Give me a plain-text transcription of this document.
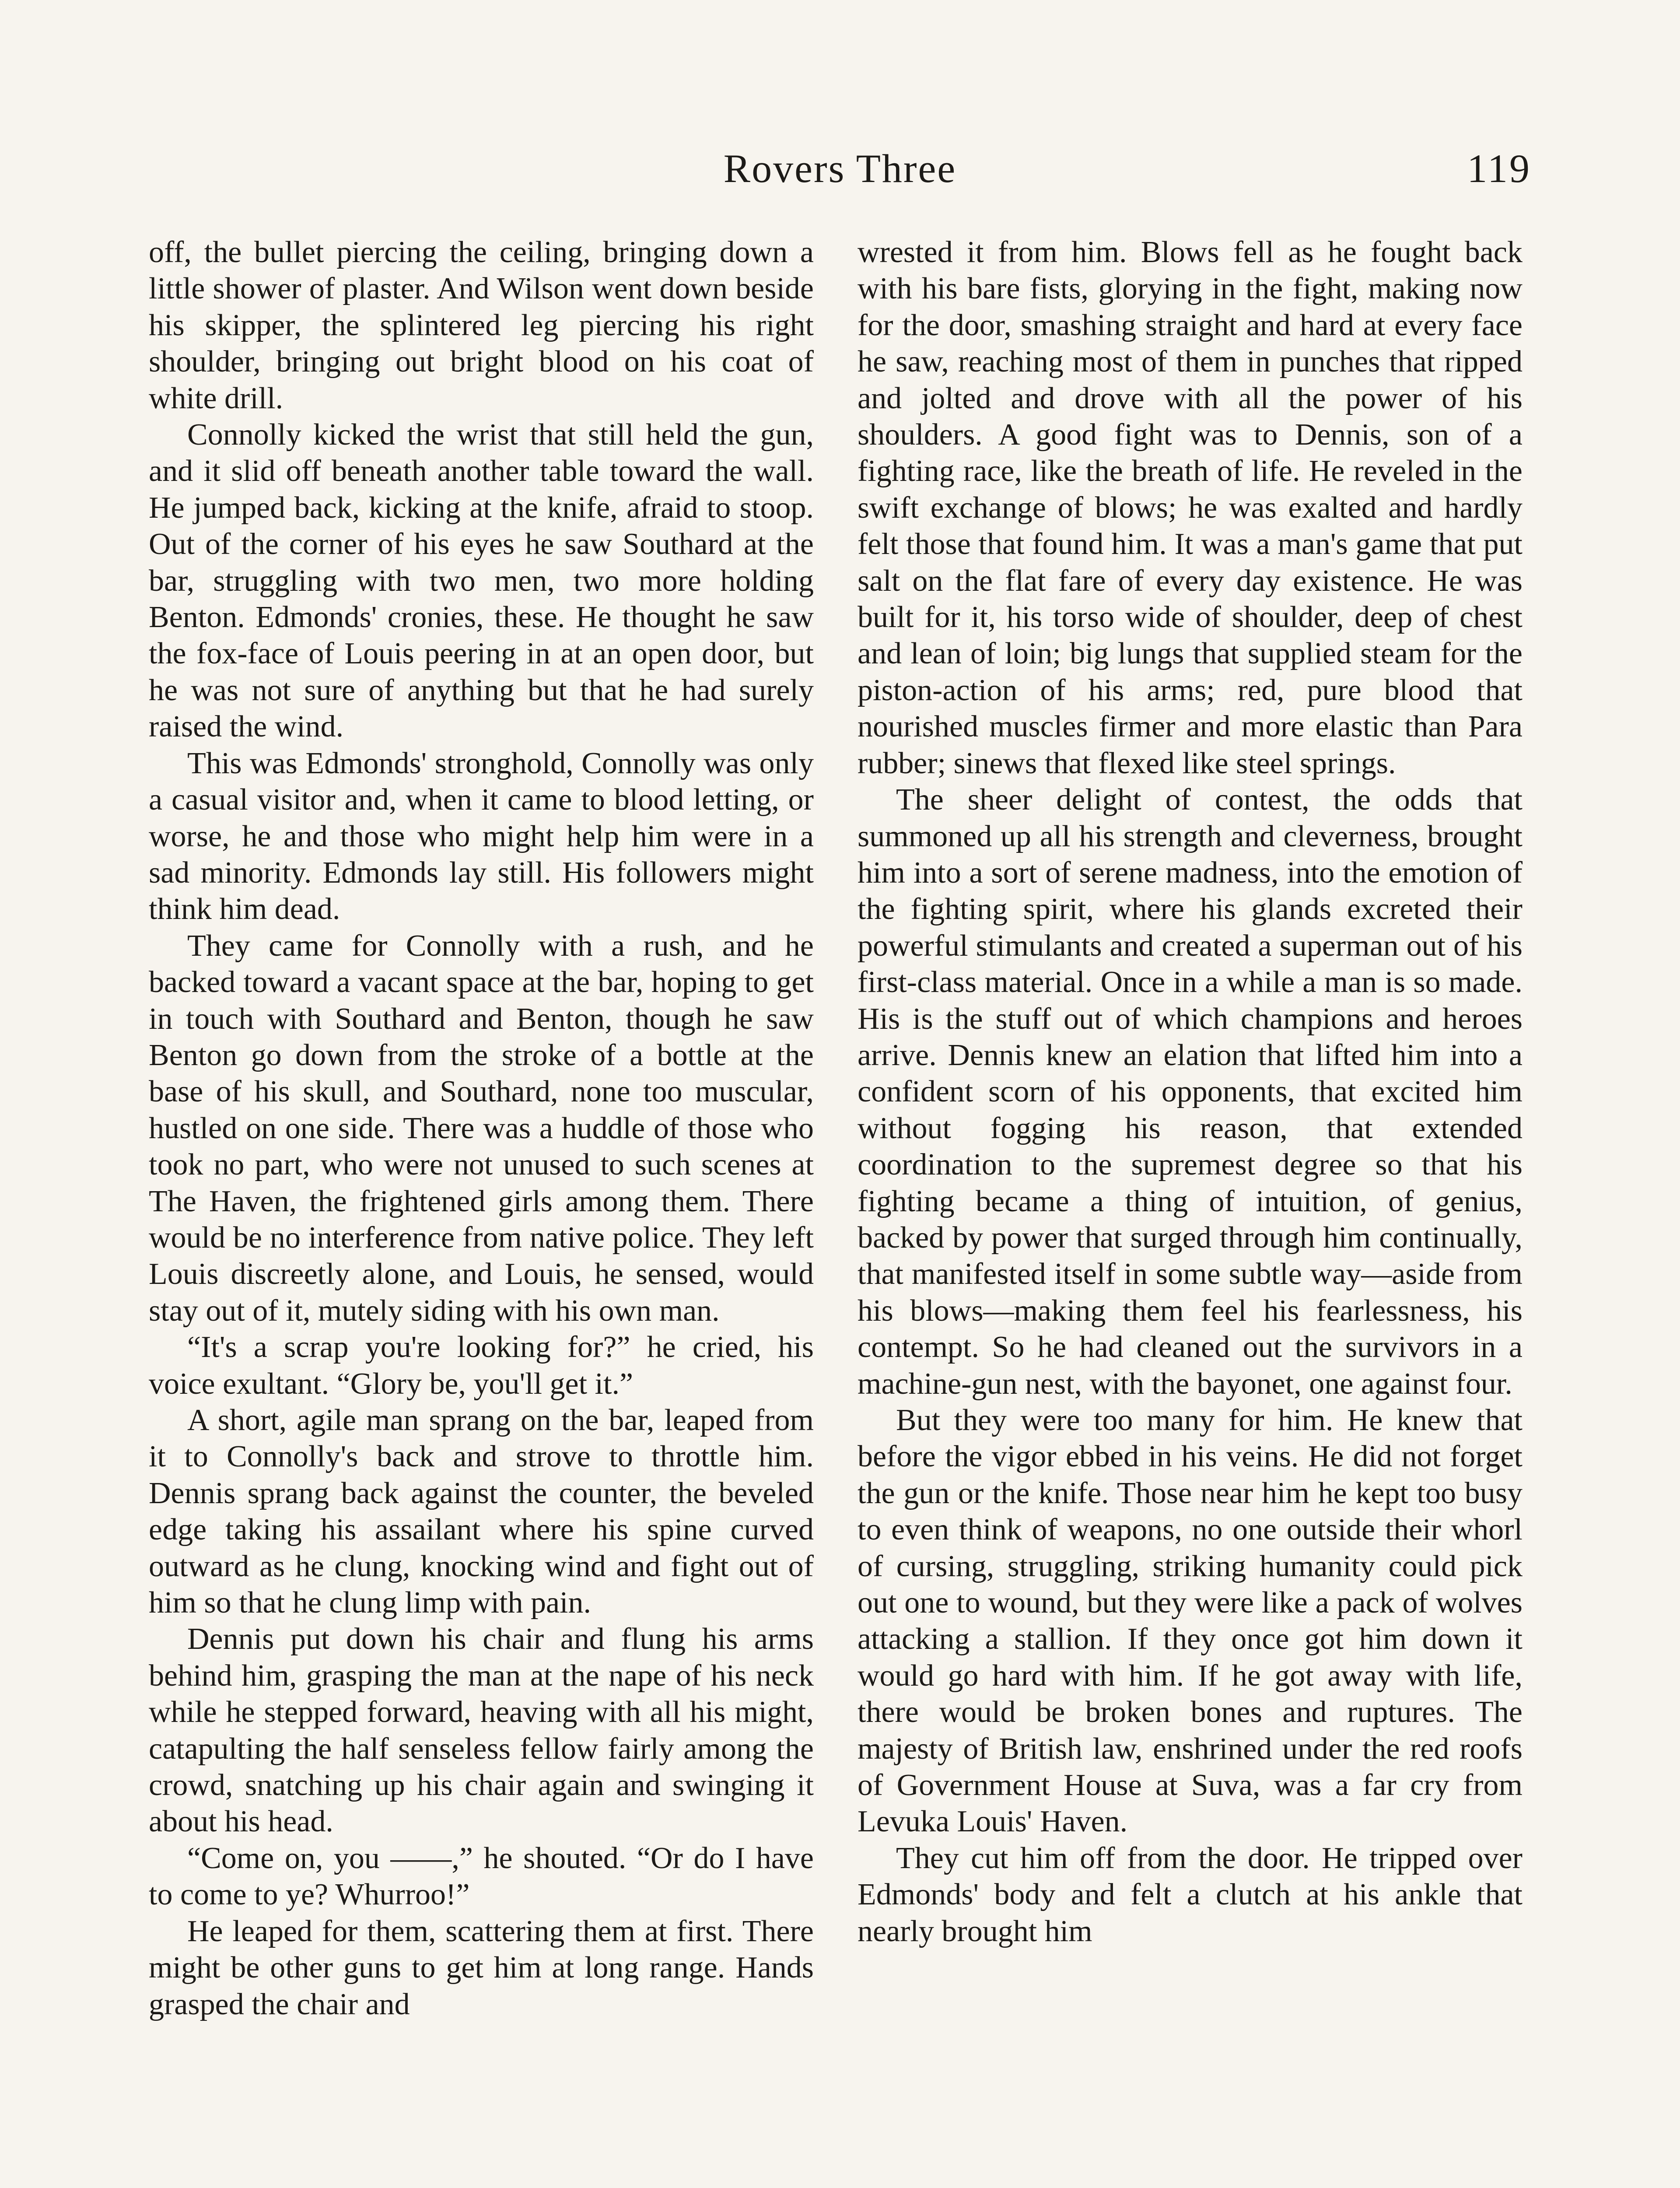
Rovers Three	119

off, the bullet piercing the ceiling, bringing down a little shower of plaster. And Wilson went down beside his skipper, the splintered leg piercing his right shoulder, bringing out bright blood on his coat of white drill.

Connolly kicked the wrist that still held the gun, and it slid off beneath another table toward the wall. He jumped back, kicking at the knife, afraid to stoop. Out of the corner of his eyes he saw Southard at the bar, struggling with two men, two more holding Benton. Edmonds' cronies, these. He thought he saw the fox-face of Louis peering in at an open door, but he was not sure of anything but that he had surely raised the wind.

This was Edmonds' stronghold, Connolly was only a casual visitor and, when it came to blood letting, or worse, he and those who might help him were in a sad minority. Edmonds lay still. His followers might think him dead.

They came for Connolly with a rush, and he backed toward a vacant space at the bar, hoping to get in touch with Southard and Benton, though he saw Benton go down from the stroke of a bottle at the base of his skull, and Southard, none too muscular, hustled on one side. There was a huddle of those who took no part, who were not unused to such scenes at The Haven, the frightened girls among them. There would be no interference from native police. They left Louis discreetly alone, and Louis, he sensed, would stay out of it, mutely siding with his own man.

“It's a scrap you're looking for?” he cried, his voice exultant. “Glory be, you'll get it.”

A short, agile man sprang on the bar, leaped from it to Connolly's back and strove to throttle him. Dennis sprang back against the counter, the beveled edge taking his assailant where his spine curved outward as he clung, knocking wind and fight out of him so that he clung limp with pain.

Dennis put down his chair and flung his arms behind him, grasping the man at the nape of his neck while he stepped forward, heaving with all his might, catapulting the half senseless fellow fairly among the crowd, snatching up his chair again and swinging it about his head.

“Come on, you ——,” he shouted. “Or do I have to come to ye? Whurroo!”

He leaped for them, scattering them at first. There might be other guns to get him at long range. Hands grasped the chair and

wrested it from him. Blows fell as he fought back with his bare fists, glorying in the fight, making now for the door, smashing straight and hard at every face he saw, reaching most of them in punches that ripped and jolted and drove with all the power of his shoulders. A good fight was to Dennis, son of a fighting race, like the breath of life. He reveled in the swift exchange of blows; he was exalted and hardly felt those that found him. It was a man's game that put salt on the flat fare of every day existence. He was built for it, his torso wide of shoulder, deep of chest and lean of loin; big lungs that supplied steam for the piston-action of his arms; red, pure blood that nourished muscles firmer and more elastic than Para rubber; sinews that flexed like steel springs.

The sheer delight of contest, the odds that summoned up all his strength and cleverness, brought him into a sort of serene madness, into the emotion of the fighting spirit, where his glands excreted their powerful stimulants and created a superman out of his first-class material. Once in a while a man is so made. His is the stuff out of which champions and heroes arrive. Dennis knew an elation that lifted him into a confident scorn of his opponents, that excited him without fogging his reason, that extended coordination to the supremest degree so that his fighting became a thing of intuition, of genius, backed by power that surged through him continually, that manifested itself in some subtle way—aside from his blows—making them feel his fearlessness, his contempt. So he had cleaned out the survivors in a machine-gun nest, with the bayonet, one against four.

But they were too many for him. He knew that before the vigor ebbed in his veins. He did not forget the gun or the knife. Those near him he kept too busy to even think of weapons, no one outside their whorl of cursing, struggling, striking humanity could pick out one to wound, but they were like a pack of wolves attacking a stallion. If they once got him down it would go hard with him. If he got away with life, there would be broken bones and ruptures. The majesty of British law, enshrined under the red roofs of Government House at Suva, was a far cry from Levuka Louis' Haven.

They cut him off from the door. He tripped over Edmonds' body and felt a clutch at his ankle that nearly brought him
